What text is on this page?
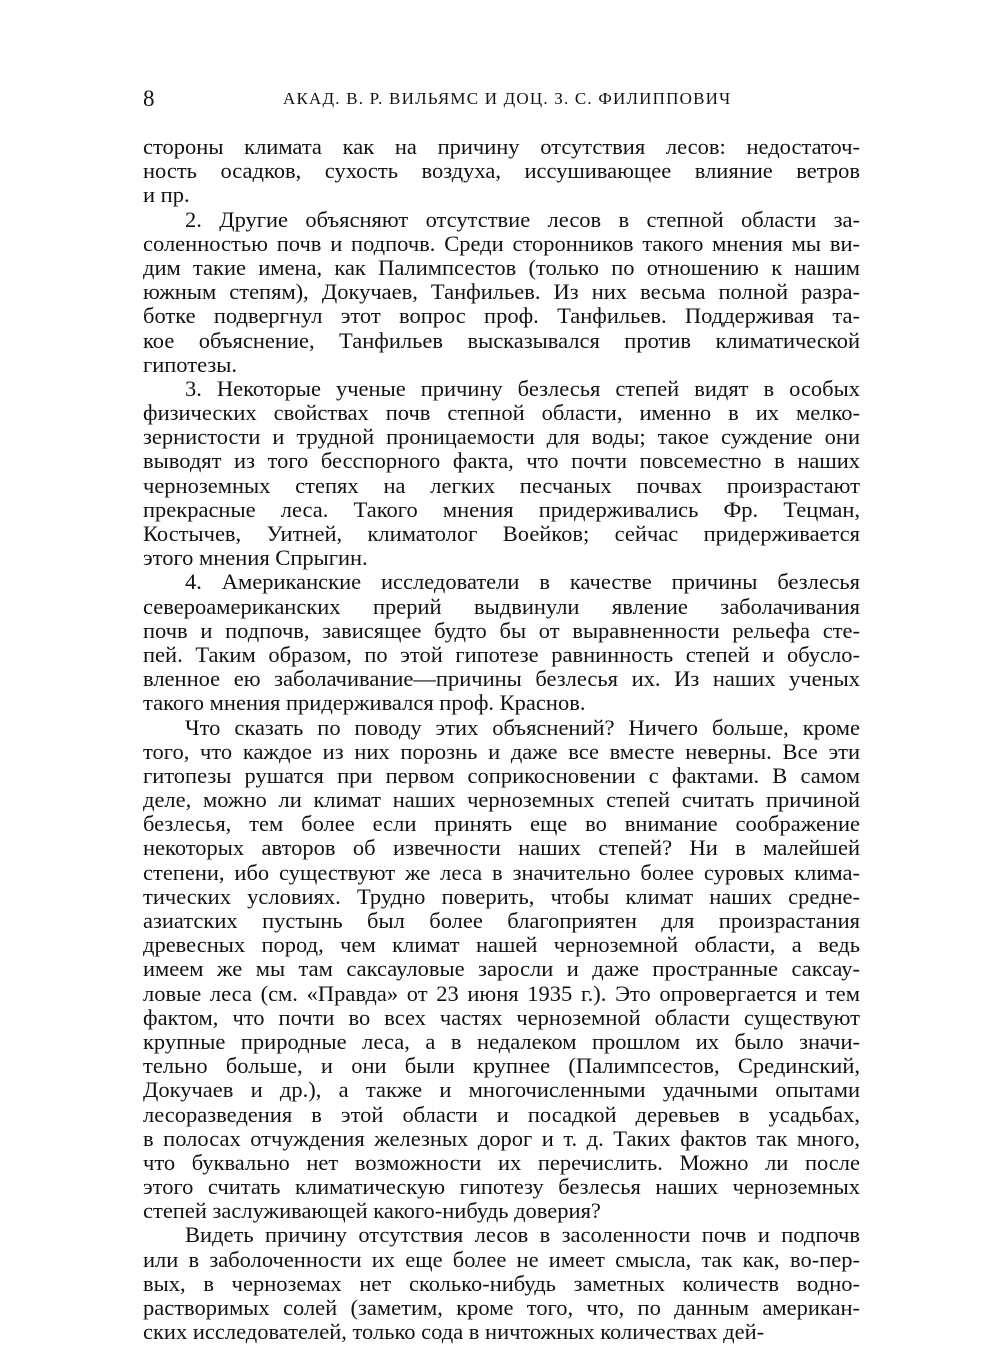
8	АКАД. В. Р. ВИЛЬЯМС И ДОЦ. З. С. ФИЛИППОВИЧ
стороны климата как на причину отсутствия лесов: недостаточ-
ность осадков, сухость воздуха, иссушивающее влияние ветров
и пр.
2. Другие объясняют отсутствие лесов в степной области за-
соленностью почв и подпочв. Среди сторонников такого мнения мы ви-
дим такие имена, как Палимпсестов (только по отношению к нашим
южным степям), Докучаев, Танфильев. Из них весьма полной разра-
ботке подвергнул этот вопрос проф. Танфильев. Поддерживая та-
кое объяснение, Танфильев высказывался против климатической
гипотезы.
3. Некоторые ученые причину безлесья степей видят в особых
физических свойствах почв степной области, именно в их мелко-
зернистости и трудной проницаемости для воды; такое суждение они
выводят из того бесспорного факта, что почти повсеместно в наших
черноземных степях на легких песчаных почвах произрастают
прекрасные леса. Такого мнения придерживались Фр. Тецман,
Костычев, Уитней, климатолог Воейков; сейчас придерживается
этого мнения Спрыгин.
4. Американские исследователи в качестве причины безлесья
североамериканских прерий выдвинули явление заболачивания
почв и подпочв, зависящее будто бы от выравненности рельефа сте-
пей. Таким образом, по этой гипотезе равнинность степей и обусло-
вленное ею заболачивание—причины безлесья их. Из наших ученых
такого мнения придерживался проф. Краснов.
Что сказать по поводу этих объяснений? Ничего больше, кроме
того, что каждое из них порознь и даже все вместе неверны. Все эти
гитопезы рушатся при первом соприкосновении с фактами. В самом
деле, можно ли климат наших черноземных степей считать причиной
безлесья, тем более если принять еще во внимание соображение
некоторых авторов об извечности наших степей? Ни в малейшей
степени, ибо существуют же леса в значительно более суровых клима-
тических условиях. Трудно поверить, чтобы климат наших средне-
азиатских пустынь был более благоприятен для произрастания
древесных пород, чем климат нашей черноземной области, а ведь
имеем же мы там саксауловые заросли и даже пространные саксау-
ловые леса (см. «Правда» от 23 июня 1935 г.). Это опровергается и тем
фактом, что почти во всех частях черноземной области существуют
крупные природные леса, а в недалеком прошлом их было значи-
тельно больше, и они были крупнее (Палимпсестов, Срединский,
Докучаев и др.), а также и многочисленными удачными опытами
лесоразведения в этой области и посадкой деревьев в усадьбах,
в полосах отчуждения железных дорог и т. д. Таких фактов так много,
что буквально нет возможности их перечислить. Можно ли после
этого считать климатическую гипотезу безлесья наших черноземных
степей заслуживающей какого-нибудь доверия?
Видеть причину отсутствия лесов в засоленности почв и подпочв
или в заболоченности их еще более не имеет смысла, так как, во-пер-
вых, в черноземах нет сколько-нибудь заметных количеств водно-
растворимых солей (заметим, кроме того, что, по данным американ-
ских исследователей, только сода в ничтожных количествах дей-
